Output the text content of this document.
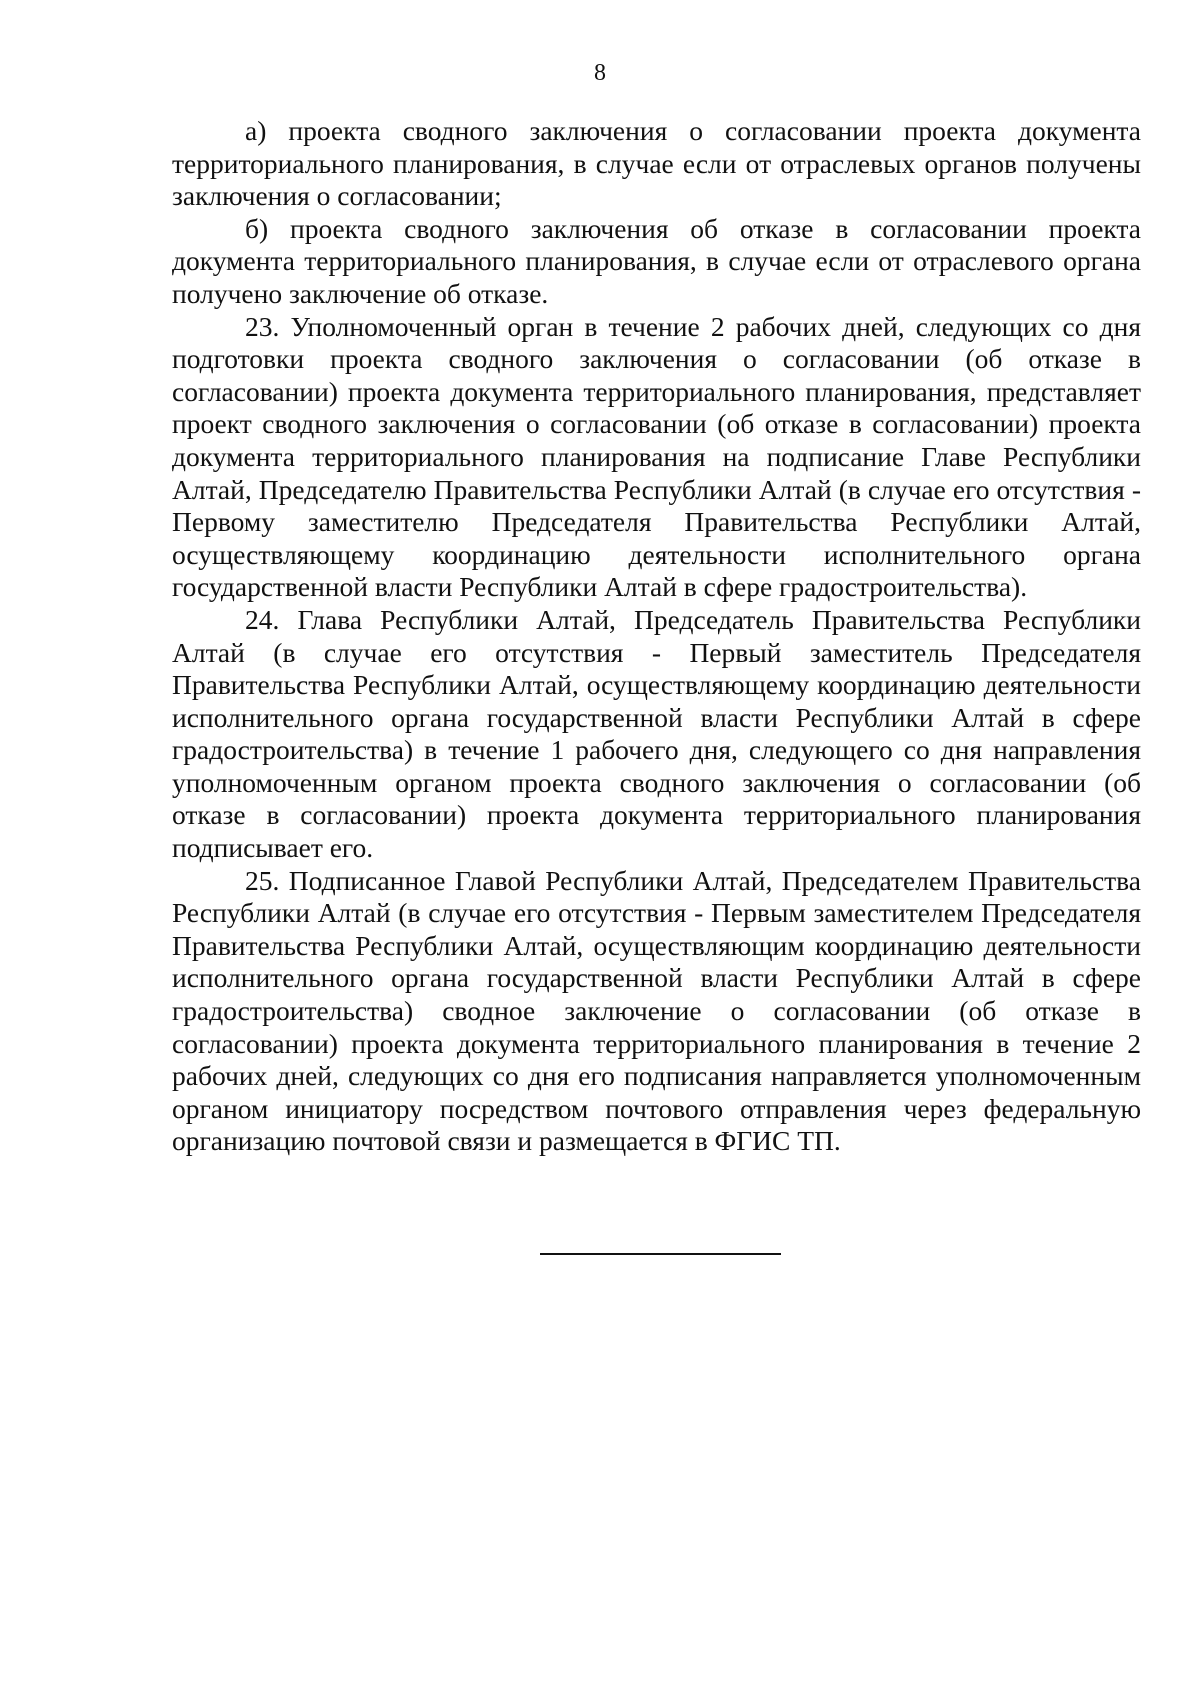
8

а) проекта сводного заключения о согласовании проекта документа территориального планирования, в случае если от отраслевых органов получены заключения о согласовании;

б) проекта сводного заключения об отказе в согласовании проекта документа территориального планирования, в случае если от отраслевого органа получено заключение об отказе.

23. Уполномоченный орган в течение 2 рабочих дней, следующих со дня подготовки проекта сводного заключения о согласовании (об отказе в согласовании) проекта документа территориального планирования, представляет проект сводного заключения о согласовании (об отказе в согласовании) проекта документа территориального планирования на подписание Главе Республики Алтай, Председателю Правительства Республики Алтай (в случае его отсутствия - Первому заместителю Председателя Правительства Республики Алтай, осуществляющему координацию деятельности исполнительного органа государственной власти Республики Алтай в сфере градостроительства).

24. Глава Республики Алтай, Председатель Правительства Республики Алтай (в случае его отсутствия - Первый заместитель Председателя Правительства Республики Алтай, осуществляющему координацию деятельности исполнительного органа государственной власти Республики Алтай в сфере градостроительства) в течение 1 рабочего дня, следующего со дня направления уполномоченным органом проекта сводного заключения о согласовании (об отказе в согласовании) проекта документа территориального планирования подписывает его.

25. Подписанное Главой Республики Алтай, Председателем Правительства Республики Алтай (в случае его отсутствия - Первым заместителем Председателя Правительства Республики Алтай, осуществляющим координацию деятельности исполнительного органа государственной власти Республики Алтай в сфере градостроительства) сводное заключение о согласовании (об отказе в согласовании) проекта документа территориального планирования в течение 2 рабочих дней, следующих со дня его подписания направляется уполномоченным органом инициатору посредством почтового отправления через федеральную организацию почтовой связи и размещается в ФГИС ТП.
